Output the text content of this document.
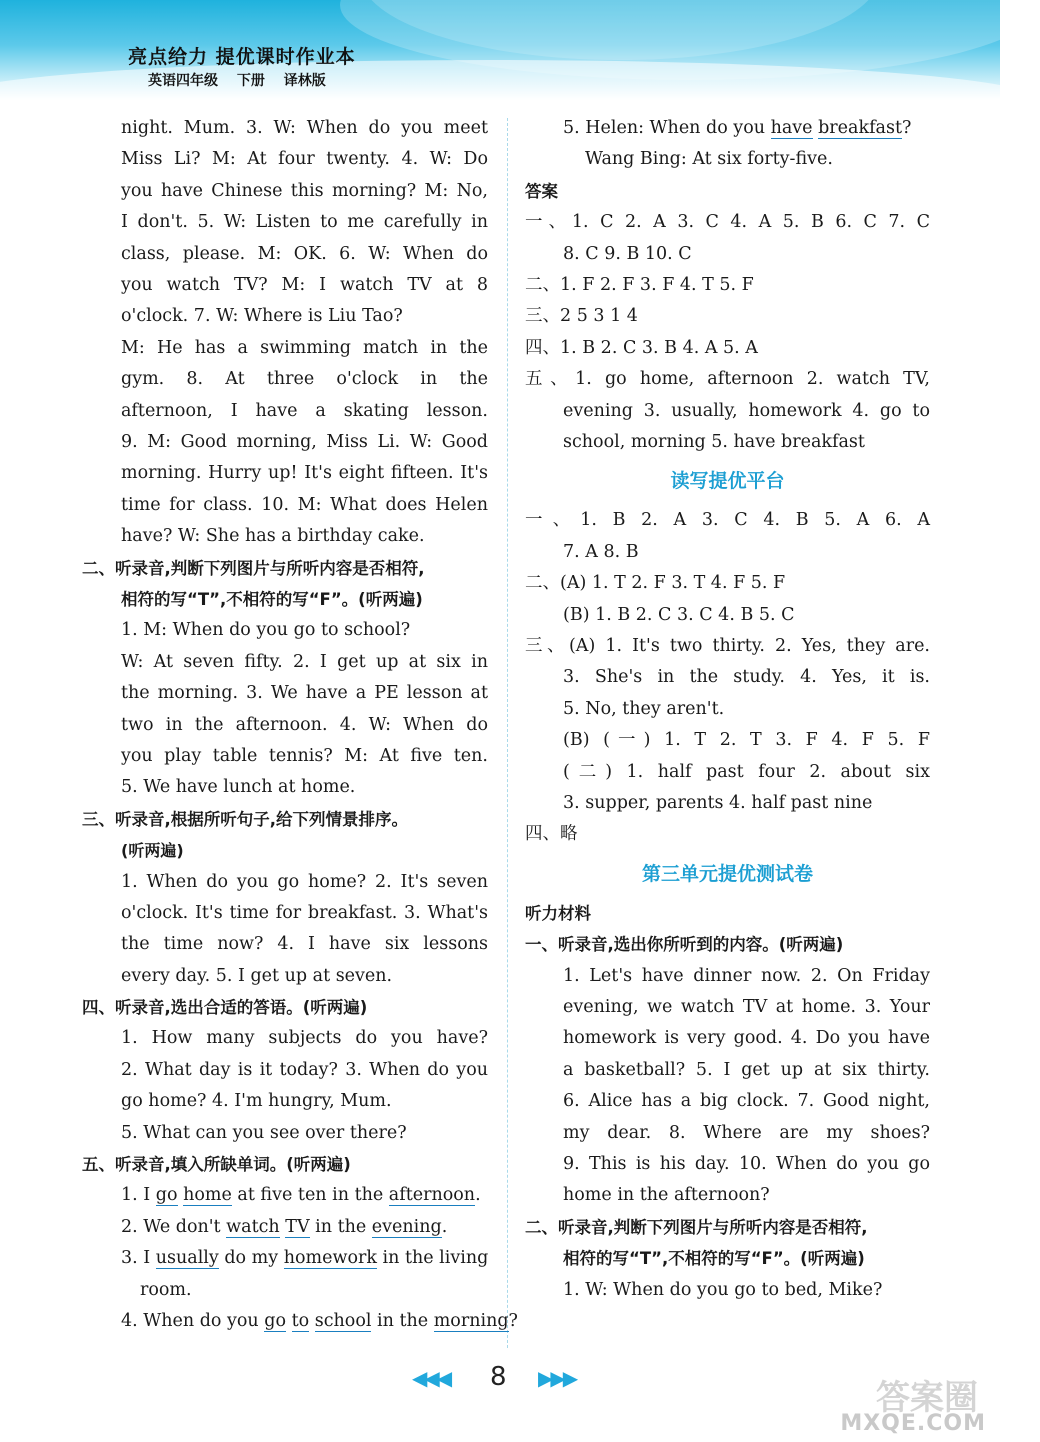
亮点给力 提优课时作业本
英语四年级 下册 译林版
night. Mum. 3. W: When do you meet
Miss Li? M: At four twenty. 4. W: Do
you have Chinese this morning? M: No,
I don't. 5. W: Listen to me carefully in
class, please. M: OK. 6. W: When do
you watch TV? M: I watch TV at 8
o'clock. 7. W: Where is Liu Tao?
M: He has a swimming match in the
gym. 8. At three o'clock in the
afternoon, I have a skating lesson.
9. M: Good morning, Miss Li. W: Good
morning. Hurry up! It's eight fifteen. It's
time for class. 10. M: What does Helen
have? W: She has a birthday cake.
二、听录音,判断下列图片与所听内容是否相符,
相符的写“T”,不相符的写“F”。(听两遍)
1. M: When do you go to school?
W: At seven fifty. 2. I get up at six in
the morning. 3. We have a PE lesson at
two in the afternoon. 4. W: When do
you play table tennis? M: At five ten.
5. We have lunch at home.
三、听录音,根据所听句子,给下列情景排序。
(听两遍)
1. When do you go home? 2. It's seven
o'clock. It's time for breakfast. 3. What's
the time now? 4. I have six lessons
every day. 5. I get up at seven.
四、听录音,选出合适的答语。(听两遍)
1. How many subjects do you have?
2. What day is it today? 3. When do you
go home? 4. I'm hungry, Mum.
5. What can you see over there?
五、听录音,填入所缺单词。(听两遍)
1. I go home at five ten in the afternoon.
2. We don't watch TV in the evening.
3. I usually do my homework in the living
room.
4. When do you go to school in the morning?
5. Helen: When do you have breakfast?
Wang Bing: At six forty-five.
答案
一、1. C 2. A 3. C 4. A 5. B 6. C 7. C
8. C 9. B 10. C
二、1. F 2. F 3. F 4. T 5. F
三、2 5 3 1 4
四、1. B 2. C 3. B 4. A 5. A
五、1. go home, afternoon 2. watch TV,
evening 3. usually, homework 4. go to
school, morning 5. have breakfast
读写提优平台
一、1. B 2. A 3. C 4. B 5. A 6. A
7. A 8. B
二、(A) 1. T 2. F 3. T 4. F 5. F
(B) 1. B 2. C 3. C 4. B 5. C
三、(A) 1. It's two thirty. 2. Yes, they are.
3. She's in the study. 4. Yes, it is.
5. No, they aren't.
(B) (一) 1. T 2. T 3. F 4. F 5. F
(二) 1. half past four 2. about six
3. supper, parents 4. half past nine
四、略
第三单元提优测试卷
听力材料
一、听录音,选出你所听到的内容。(听两遍)
1. Let's have dinner now. 2. On Friday
evening, we watch TV at home. 3. Your
homework is very good. 4. Do you have
a basketball? 5. I get up at six thirty.
6. Alice has a big clock. 7. Good night,
my dear. 8. Where are my shoes?
9. This is his day. 10. When do you go
home in the afternoon?
二、听录音,判断下列图片与所听内容是否相符,
相符的写“T”,不相符的写“F”。(听两遍)
1. W: When do you go to bed, Mike?
◀◀◀ 8 ▶▶▶	答案圈
MXQE.COM
